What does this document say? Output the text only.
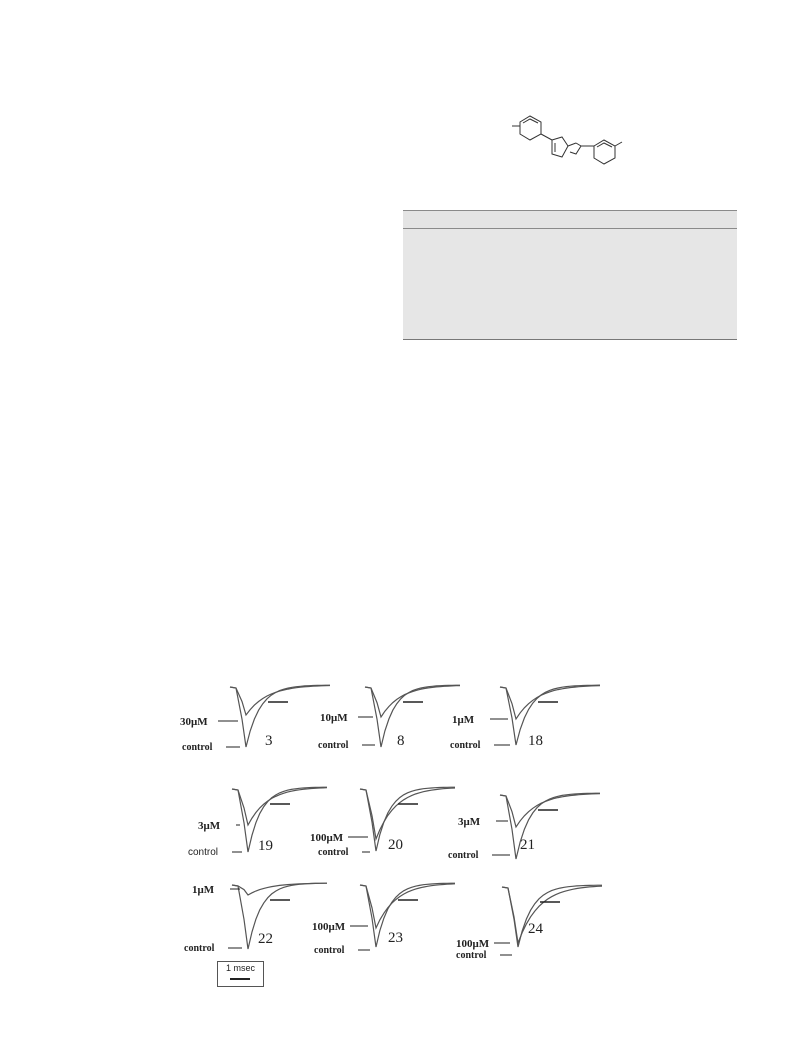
30μM
control	3
10μM
control	8
1μM
control	18
3μM
control	19	100μM
control	20
3μM
control
21
1μM
control
22
100μM
control
23	100μM
control
24
1 msec
